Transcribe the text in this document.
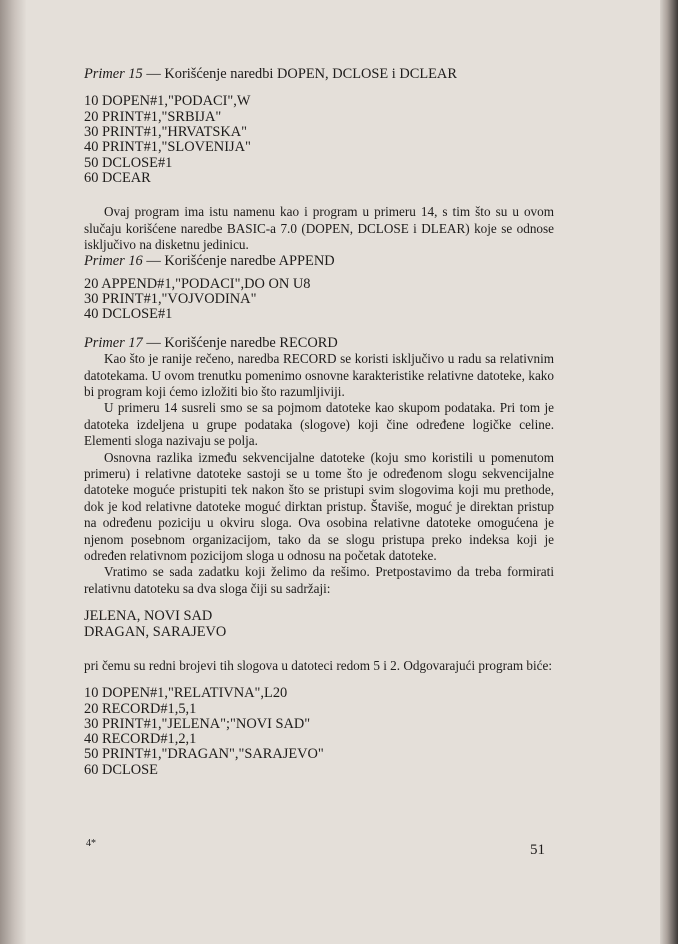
Primer 15 — Korišćenje naredbi DOPEN, DCLOSE i DCLEAR

10 DOPEN#1,"PODACI",W
20 PRINT#1,"SRBIJA"
30 PRINT#1,"HRVATSKA"
40 PRINT#1,"SLOVENIJA"
50 DCLOSE#1
60 DCEAR

Ovaj program ima istu namenu kao i program u primeru 14, s tim što su u ovom slučaju korišćene naredbe BASIC-a 7.0 (DOPEN, DCLOSE i DLEAR) koje se odnose isključivo na disketnu jedinicu.

Primer 16 — Korišćenje naredbe APPEND

20 APPEND#1,"PODACI",DO ON U8
30 PRINT#1,"VOJVODINA"
40 DCLOSE#1

Primer 17 — Korišćenje naredbe RECORD

Kao što je ranije rečeno, naredba RECORD se koristi isključivo u radu sa relativnim datotekama. U ovom trenutku pomenimo osnovne karakteristike relativne datoteke, kako bi program koji ćemo izložiti bio što razumljiviji.

U primeru 14 susreli smo se sa pojmom datoteke kao skupom podataka. Pri tom je datoteka izdeljena u grupe podataka (slogove) koji čine određene logičke celine. Elementi sloga nazivaju se polja.

Osnovna razlika između sekvencijalne datoteke (koju smo koristili u pomenutom primeru) i relativne datoteke sastoji se u tome što je određenom slogu sekvencijalne datoteke moguće pristupiti tek nakon što se pristupi svim slogovima koji mu prethode, dok je kod relativne datoteke moguć dirktan pristup. Štaviše, moguć je direktan pristup na određenu poziciju u okviru sloga. Ova osobina relativne datoteke omogućena je njenom posebnom organizacijom, tako da se slogu pristupa preko indeksa koji je određen relativnom pozicijom sloga u odnosu na početak datoteke.

Vratimo se sada zadatku koji želimo da rešimo. Pretpostavimo da treba formirati relativnu datoteku sa dva sloga čiji su sadržaji:

JELENA, NOVI SAD
DRAGAN, SARAJEVO

pri čemu su redni brojevi tih slogova u datoteci redom 5 i 2. Odgovarajući program biće:

10 DOPEN#1,"RELATIVNA",L20
20 RECORD#1,5,1
30 PRINT#1,"JELENA";"NOVI SAD"
40 RECORD#1,2,1
50 PRINT#1,"DRAGAN","SARAJEVO"
60 DCLOSE
4*	51
